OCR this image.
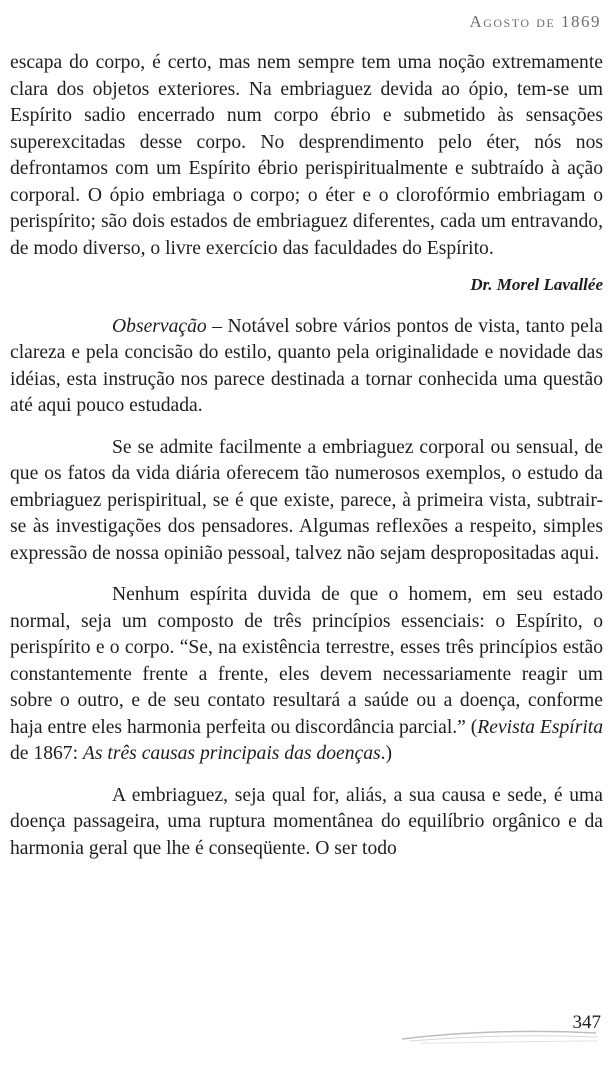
Agosto de 1869

escapa do corpo, é certo, mas nem sempre tem uma noção extremamente clara dos objetos exteriores. Na embriaguez devida ao ópio, tem-se um Espírito sadio encerrado num corpo ébrio e submetido às sensações superexcitadas desse corpo. No desprendimento pelo éter, nós nos defrontamos com um Espírito ébrio perispiritualmente e subtraído à ação corporal. O ópio embriaga o corpo; o éter e o clorofórmio embriagam o perispírito; são dois estados de embriaguez diferentes, cada um entravando, de modo diverso, o livre exercício das faculdades do Espírito.

Dr. Morel Lavallée

Observação – Notável sobre vários pontos de vista, tanto pela clareza e pela concisão do estilo, quanto pela originalidade e novidade das idéias, esta instrução nos parece destinada a tornar conhecida uma questão até aqui pouco estudada.

Se se admite facilmente a embriaguez corporal ou sensual, de que os fatos da vida diária oferecem tão numerosos exemplos, o estudo da embriaguez perispiritual, se é que existe, parece, à primeira vista, subtrair-se às investigações dos pensadores. Algumas reflexões a respeito, simples expressão de nossa opinião pessoal, talvez não sejam despropositadas aqui.

Nenhum espírita duvida de que o homem, em seu estado normal, seja um composto de três princípios essenciais: o Espírito, o perispírito e o corpo. “Se, na existência terrestre, esses três princípios estão constantemente frente a frente, eles devem necessariamente reagir um sobre o outro, e de seu contato resultará a saúde ou a doença, conforme haja entre eles harmonia perfeita ou discordância parcial.” (Revista Espírita de 1867: As três causas principais das doenças.)

A embriaguez, seja qual for, aliás, a sua causa e sede, é uma doença passageira, uma ruptura momentânea do equilíbrio orgânico e da harmonia geral que lhe é conseqüente. O ser todo

347
